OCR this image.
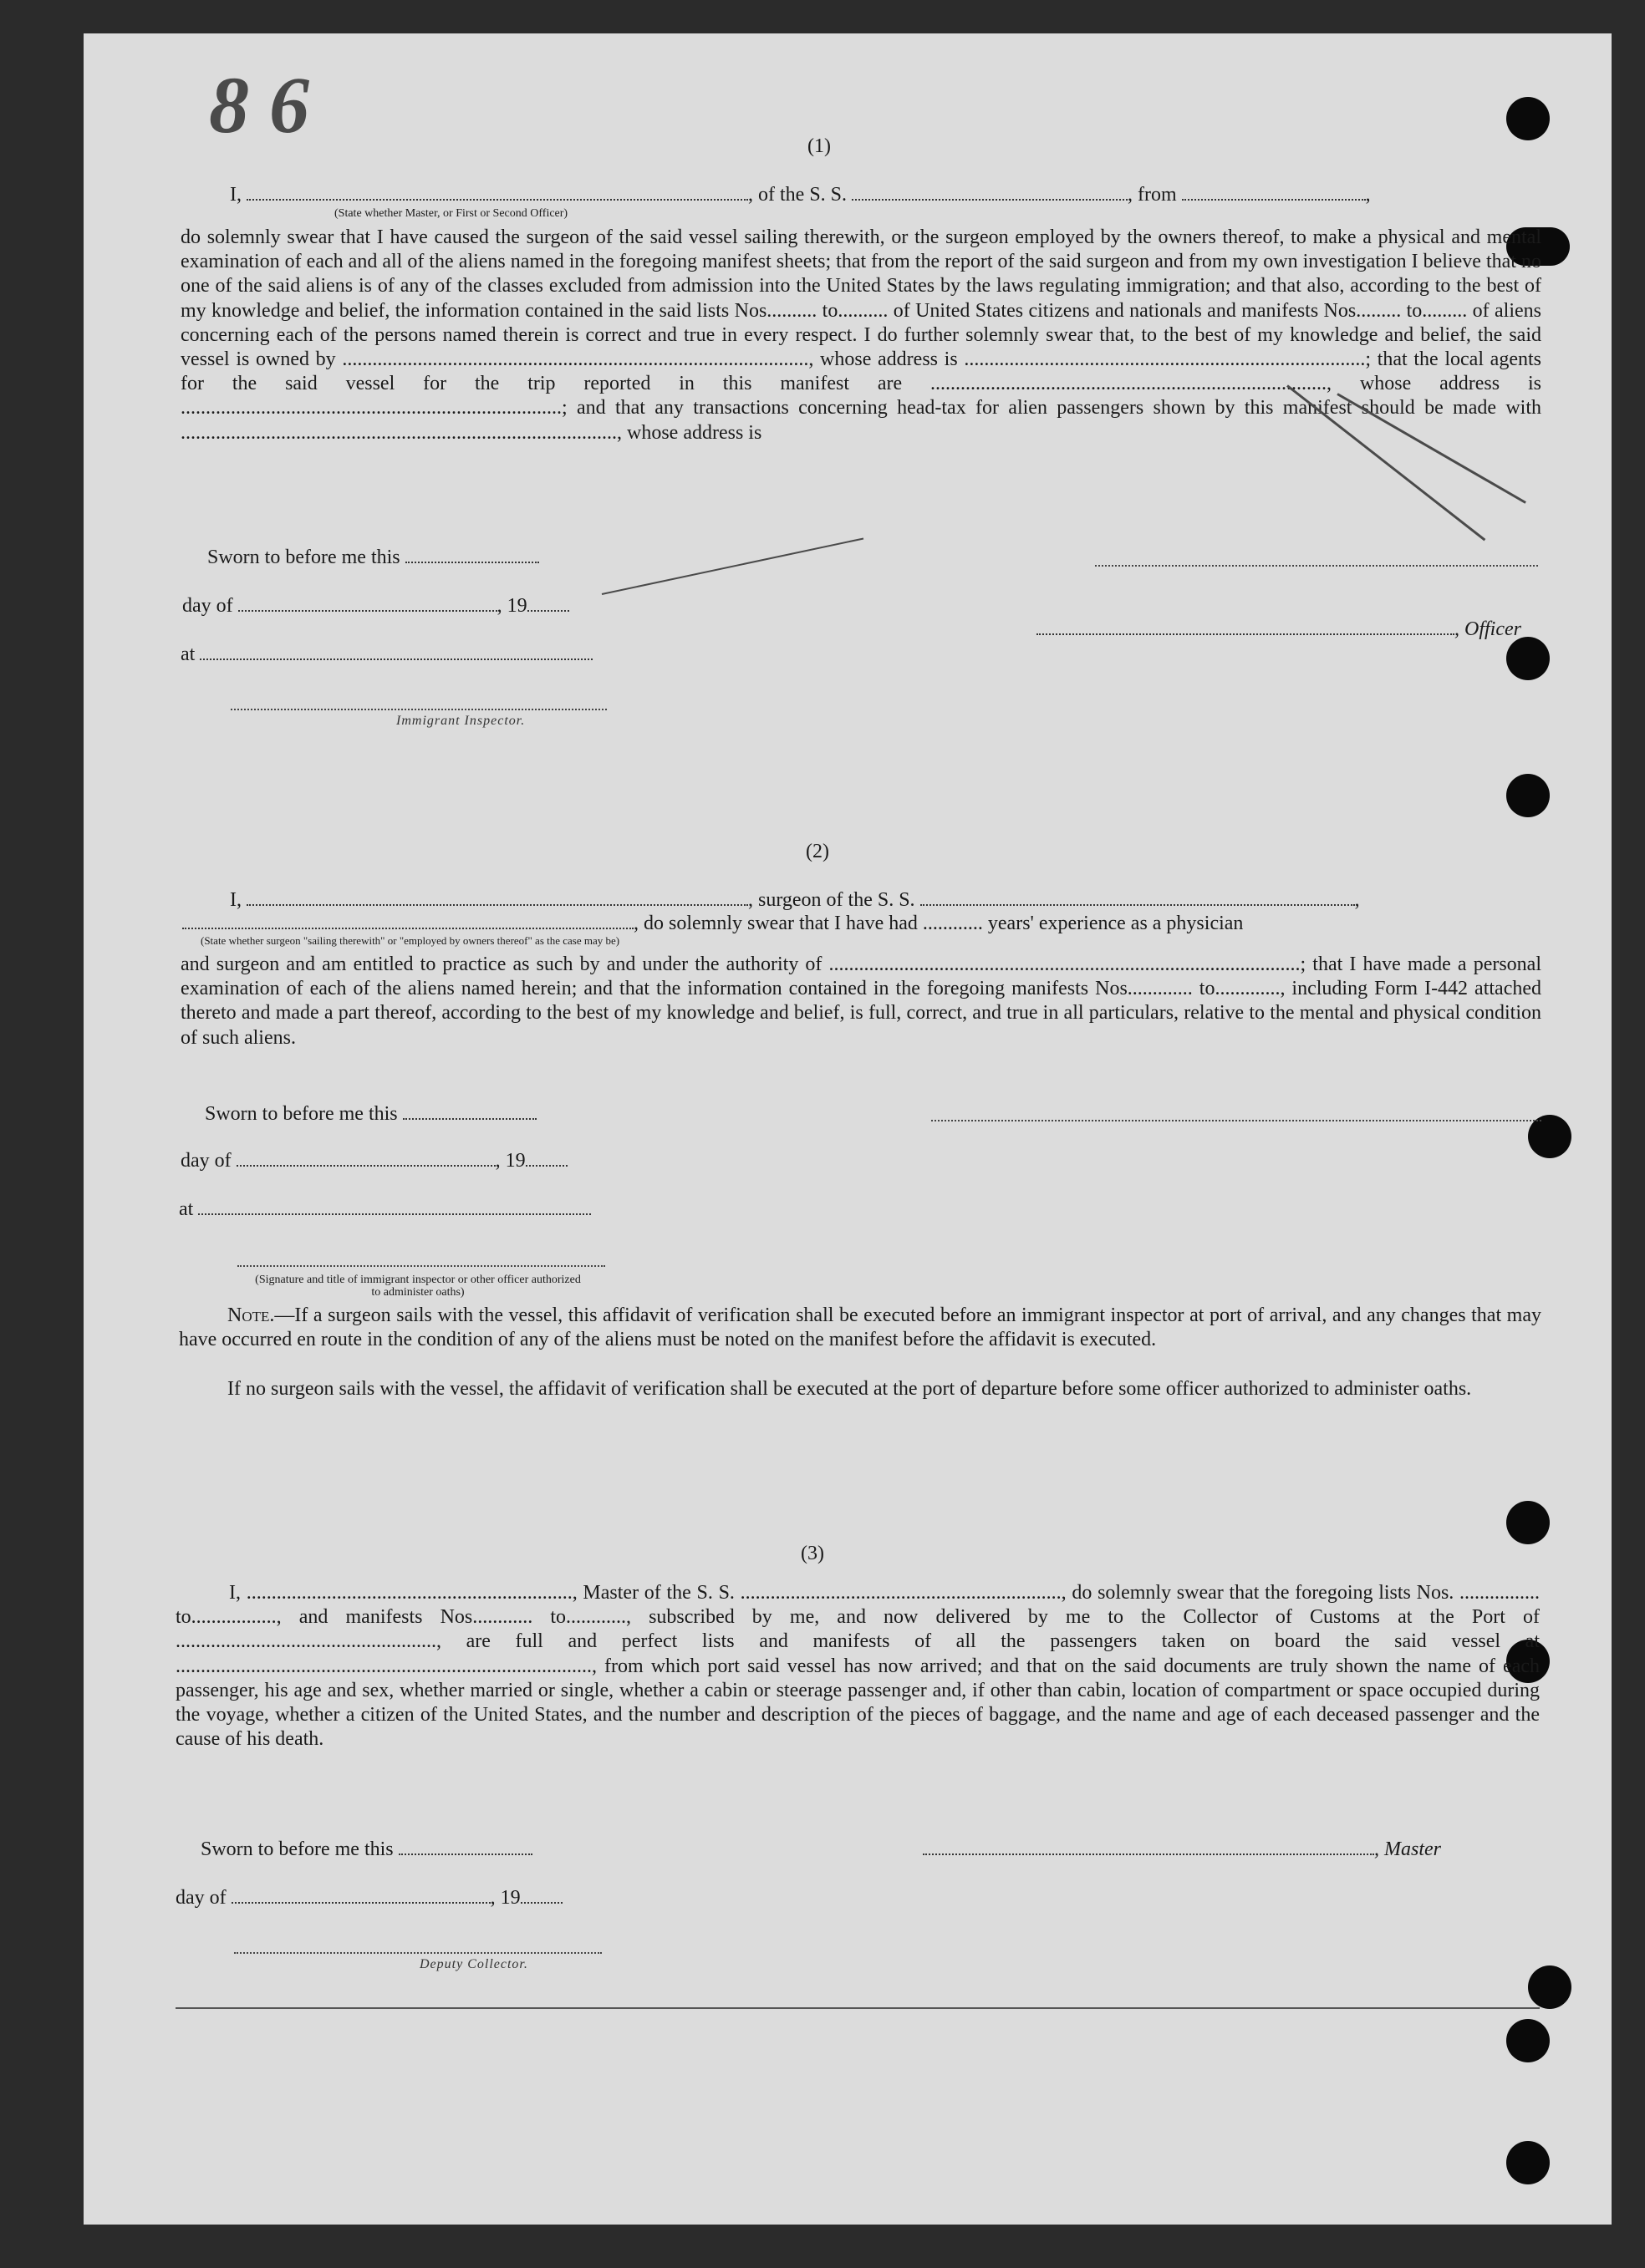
8 6	(1)
I,	, of the S. S.	, from	,
(State whether Master, or First or Second Officer)
do solemnly swear that I have caused the surgeon of the said vessel sailing therewith, or the surgeon employed by the owners thereof, to make a physical and mental examination of each and all of the aliens named in the foregoing manifest sheets; that from the report of the said surgeon and from my own investigation I believe that no one of the said aliens is of any of the classes excluded from admission into the United States by the laws regulating immigration; and that also, according to the best of my knowledge and belief, the information contained in the said lists Nos.......... to.......... of United States citizens and nationals and manifests Nos......... to......... of aliens concerning each of the persons named therein is correct and true in every respect. I do further solemnly swear that, to the best of my knowledge and belief, the said vessel is owned by ............................................................................................., whose address is ................................................................................; that the local agents for the said vessel for the trip reported in this manifest are ..............................................................................., whose address is ............................................................................; and that any transactions concerning head-tax for alien passengers shown by this manifest should be made with ......................................................................................., whose address is
Sworn to before me this
day of	, 19
, Officer
at
Immigrant Inspector.
(2)
I,	, surgeon of the S. S.	,
, do solemnly swear that I have had ............ years' experience as a physician
(State whether surgeon "sailing therewith" or "employed by owners thereof" as the case may be)
and surgeon and am entitled to practice as such by and under the authority of ..............................................................................................; that I have made a personal examination of each of the aliens named herein; and that the information contained in the foregoing manifests Nos............. to............., including Form I-442 attached thereto and made a part thereof, according to the best of my knowledge and belief, is full, correct, and true in all particulars, relative to the mental and physical condition of such aliens.
Sworn to before me this
day of	, 19
at
(Signature and title of immigrant inspector or other officer authorized to administer oaths)
Note.—If a surgeon sails with the vessel, this affidavit of verification shall be executed before an immigrant inspector at port of arrival, and any changes that may have occurred en route in the condition of any of the aliens must be noted on the manifest before the affidavit is executed.
If no surgeon sails with the vessel, the affidavit of verification shall be executed at the port of departure before some officer authorized to administer oaths.
(3)
I, ................................................................., Master of the S. S. ................................................................, do solemnly swear that the foregoing lists Nos. ................ to................., and manifests Nos............ to............, subscribed by me, and now delivered by me to the Collector of Customs at the Port of ...................................................., are full and perfect lists and manifests of all the passengers taken on board the said vessel at ..................................................................................., from which port said vessel has now arrived; and that on the said documents are truly shown the name of each passenger, his age and sex, whether married or single, whether a cabin or steerage passenger and, if other than cabin, location of compartment or space occupied during the voyage, whether a citizen of the United States, and the number and description of the pieces of baggage, and the name and age of each deceased passenger and the cause of his death.
Sworn to before me this	, Master
day of	, 19
Deputy Collector.
